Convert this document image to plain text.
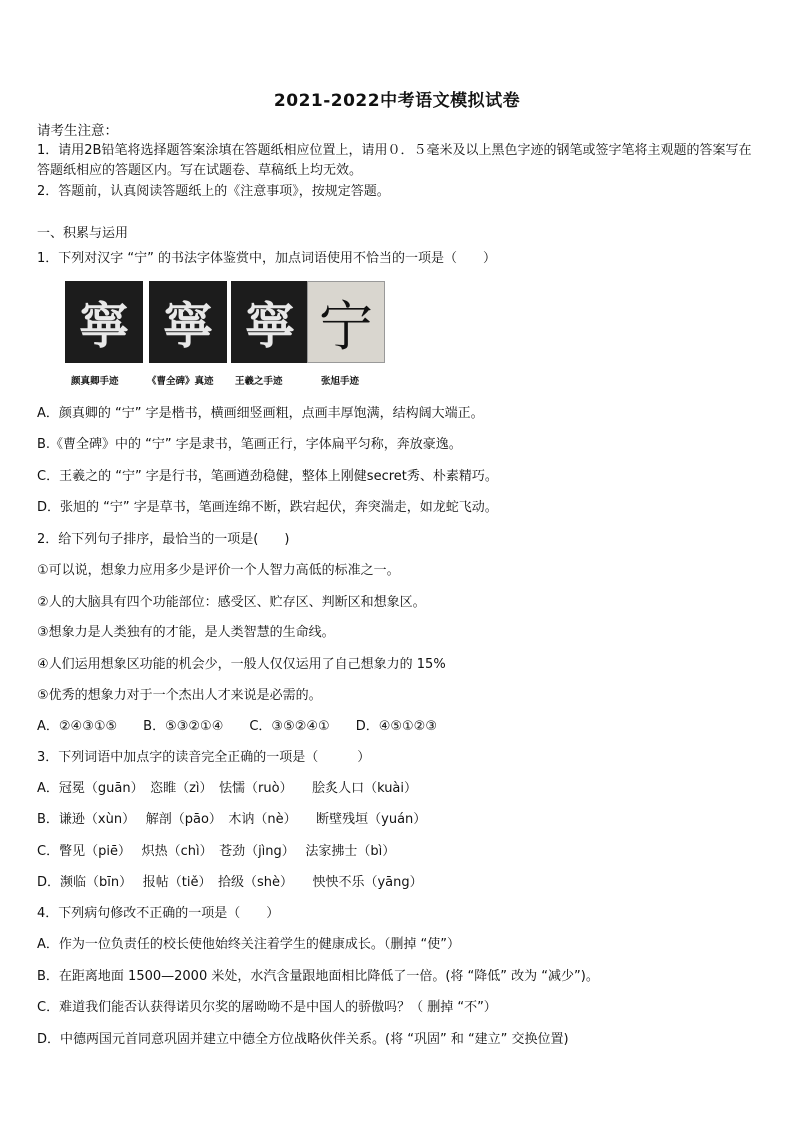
2021-2022中考语文模拟试卷
请考生注意：
1．请用2B铅笔将选择题答案涂填在答题纸相应位置上，请用０．５毫米及以上黑色字迹的钢笔或签字笔将主观题的答案写在答题纸相应的答题区内。写在试题卷、草稿纸上均无效。
2．答题前，认真阅读答题纸上的《注意事项》，按规定答题。
一、积累与运用
1．下列对汉字 “宁” 的书法字体鉴赏中，加点词语使用不恰当的一项是（　　）
寧 寧 寧 宁
颜真卿手迹	《曹全碑》真迹 王羲之手迹	张旭手迹
A．颜真卿的 “宁” 字是楷书，横画细竖画粗，点画丰厚饱满，结构阔大端正。
B.《曹全碑》中的 “宁” 字是隶书，笔画正行，字体扁平匀称，奔放豪逸。
C．王羲之的 “宁” 字是行书，笔画遒劲稳健，整体上刚健secret秀、朴素精巧。
D．张旭的 “宁” 字是草书，笔画连绵不断，跌宕起伏，奔突湍走，如龙蛇飞动。
2．给下列句子排序，最恰当的一项是(　　)
①可以说，想象力应用多少是评价一个人智力高低的标准之一。
②人的大脑具有四个功能部位：感受区、贮存区、判断区和想象区。
③想象力是人类独有的才能，是人类智慧的生命线。
④人们运用想象区功能的机会少，一般人仅仅运用了自己想象力的 15%
⑤优秀的想象力对于一个杰出人才来说是必需的。
A．②④③①⑤　　B．⑤③②①④　　C．③⑤②④①　　D．④⑤①②③
3．下列词语中加点字的读音完全正确的一项是（　　　）
A．冠冕（guān）　恣睢（zì）　怯懦（ruò）　　脍炙人口（kuài）
B．谦逊（xùn）　 解剖（pāo）　木讷（nè）　　断壁残垣（yuán）
C．瞥见（piē）　 炽热（chì）　苍劲（jìng）　 法家拂士（bì）
D．濒临（bīn）　 报帖（tiě）　拾级（shè）　　怏怏不乐（yāng）
4．下列病句修改不正确的一项是（　　）
A．作为一位负责任的校长使他始终关注着学生的健康成长。（删掉 “使”）
B．在距离地面 1500—2000 米处，水汽含量跟地面相比降低了一倍。(将 “降低” 改为 “减少”)。
C．难道我们能否认获得诺贝尔奖的屠呦呦不是中国人的骄傲吗？（ 删掉 “不”）
D．中德两国元首同意巩固并建立中德全方位战略伙伴关系。(将 “巩固” 和 “建立” 交换位置)
